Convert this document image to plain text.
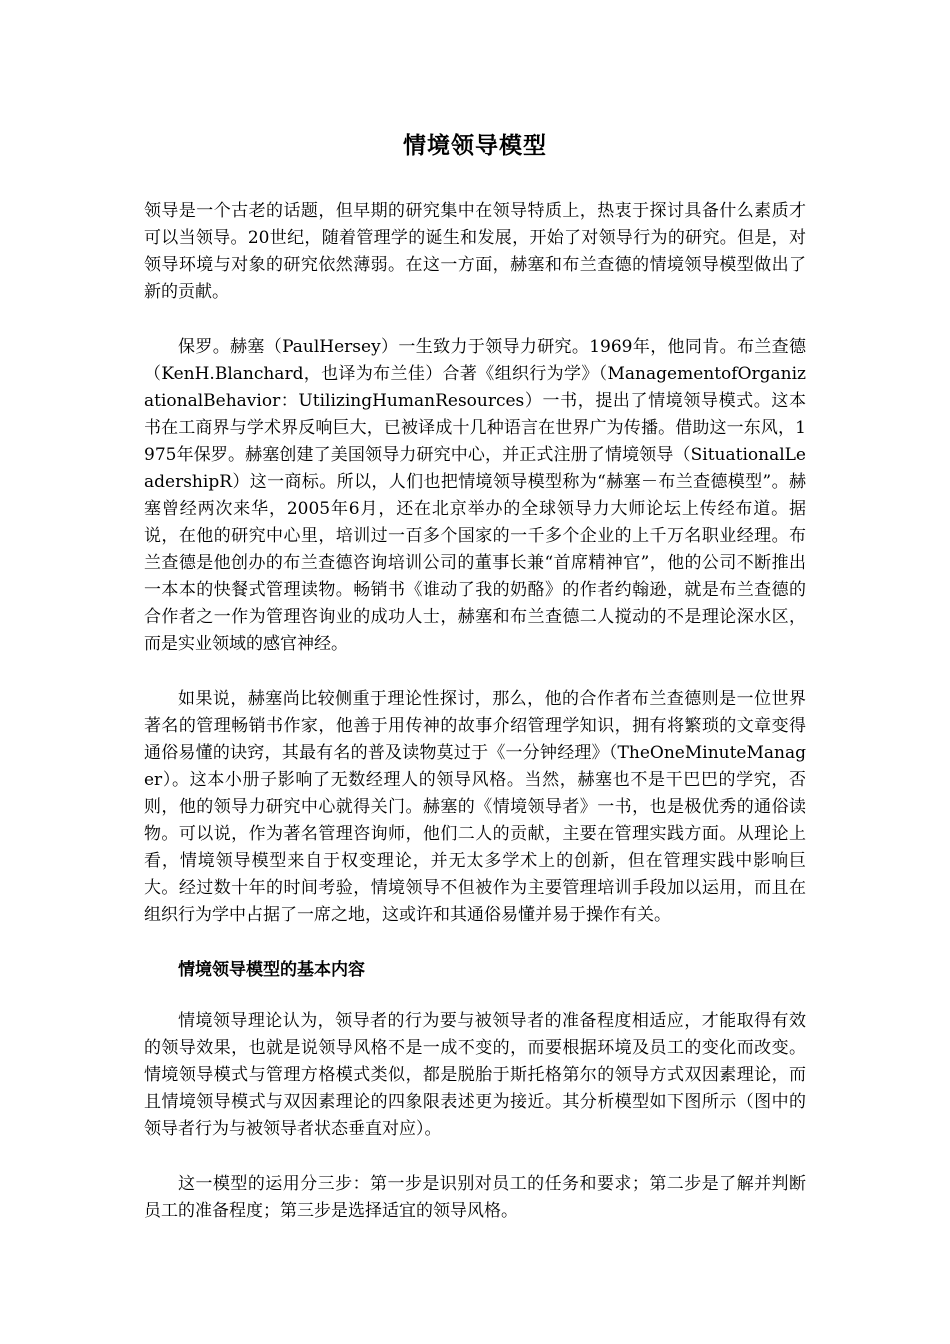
情境领导模型

领导是一个古老的话题，但早期的研究集中在领导特质上，热衷于探讨具备什么素质才可以当领导。20世纪，随着管理学的诞生和发展，开始了对领导行为的研究。但是，对领导环境与对象的研究依然薄弱。在这一方面，赫塞和布兰查德的情境领导模型做出了新的贡献。

保罗。赫塞（PaulHersey）一生致力于领导力研究。1969年，他同肯。布兰查德（KenH.Blanchard，也译为布兰佳）合著《组织行为学》（ManagementofOrganizationalBehavior：UtilizingHumanResources）一书，提出了情境领导模式。这本书在工商界与学术界反响巨大，已被译成十几种语言在世界广为传播。借助这一东风，1975年保罗。赫塞创建了美国领导力研究中心，并正式注册了情境领导（SituationalLeadershipR）这一商标。所以，人们也把情境领导模型称为“赫塞－布兰查德模型”。赫塞曾经两次来华，2005年6月，还在北京举办的全球领导力大师论坛上传经布道。据说，在他的研究中心里，培训过一百多个国家的一千多个企业的上千万名职业经理。布兰查德是他创办的布兰查德咨询培训公司的董事长兼“首席精神官”，他的公司不断推出一本本的快餐式管理读物。畅销书《谁动了我的奶酪》的作者约翰逊，就是布兰查德的合作者之一作为管理咨询业的成功人士，赫塞和布兰查德二人搅动的不是理论深水区，而是实业领域的感官神经。

如果说，赫塞尚比较侧重于理论性探讨，那么，他的合作者布兰查德则是一位世界著名的管理畅销书作家，他善于用传神的故事介绍管理学知识，拥有将繁琐的文章变得通俗易懂的诀窍，其最有名的普及读物莫过于《一分钟经理》（TheOneMinuteManager）。这本小册子影响了无数经理人的领导风格。当然，赫塞也不是干巴巴的学究，否则，他的领导力研究中心就得关门。赫塞的《情境领导者》一书，也是极优秀的通俗读物。可以说，作为著名管理咨询师，他们二人的贡献，主要在管理实践方面。从理论上看，情境领导模型来自于权变理论，并无太多学术上的创新，但在管理实践中影响巨大。经过数十年的时间考验，情境领导不但被作为主要管理培训手段加以运用，而且在组织行为学中占据了一席之地，这或许和其通俗易懂并易于操作有关。

情境领导模型的基本内容

情境领导理论认为，领导者的行为要与被领导者的准备程度相适应，才能取得有效的领导效果，也就是说领导风格不是一成不变的，而要根据环境及员工的变化而改变。情境领导模式与管理方格模式类似，都是脱胎于斯托格第尔的领导方式双因素理论，而且情境领导模式与双因素理论的四象限表述更为接近。其分析模型如下图所示（图中的领导者行为与被领导者状态垂直对应）。

这一模型的运用分三步：第一步是识别对员工的任务和要求；第二步是了解并判断员工的准备程度；第三步是选择适宜的领导风格。
